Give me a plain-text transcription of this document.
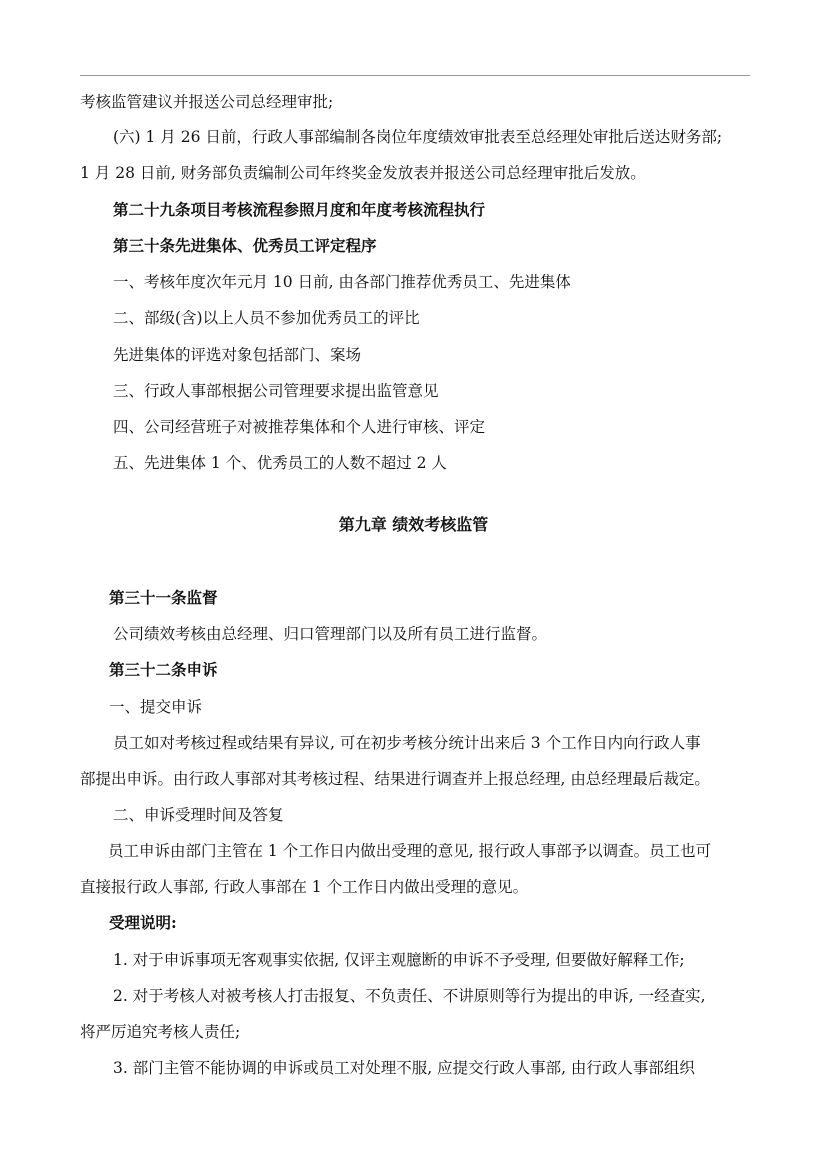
考核监管建议并报送公司总经理审批;
(六) 1 月 26 日前，行政人事部编制各岗位年度绩效审批表至总经理处审批后送达财务部;
1 月 28 日前, 财务部负责编制公司年终奖金发放表并报送公司总经理审批后发放。
第二十九条项目考核流程参照月度和年度考核流程执行
第三十条先进集体、优秀员工评定程序
一、考核年度次年元月 10 日前, 由各部门推荐优秀员工、先进集体
二、部级(含)以上人员不参加优秀员工的评比
先进集体的评选对象包括部门、案场
三、行政人事部根据公司管理要求提出监管意见
四、公司经营班子对被推荐集体和个人进行审核、评定
五、先进集体 1 个、优秀员工的人数不超过 2 人
第九章 绩效考核监管
第三十一条监督
公司绩效考核由总经理、归口管理部门以及所有员工进行监督。
第三十二条申诉
一、提交申诉
员工如对考核过程或结果有异议, 可在初步考核分统计出来后 3 个工作日内向行政人事
部提出申诉。由行政人事部对其考核过程、结果进行调查并上报总经理, 由总经理最后裁定。
二、申诉受理时间及答复
员工申诉由部门主管在 1 个工作日内做出受理的意见, 报行政人事部予以调查。员工也可
直接报行政人事部, 行政人事部在 1 个工作日内做出受理的意见。
受理说明:
1. 对于申诉事项无客观事实依据, 仅评主观臆断的申诉不予受理, 但要做好解释工作;
2. 对于考核人对被考核人打击报复、不负责任、不讲原则等行为提出的申诉, 一经查实,
将严厉追究考核人责任;
3. 部门主管不能协调的申诉或员工对处理不服, 应提交行政人事部, 由行政人事部组织
